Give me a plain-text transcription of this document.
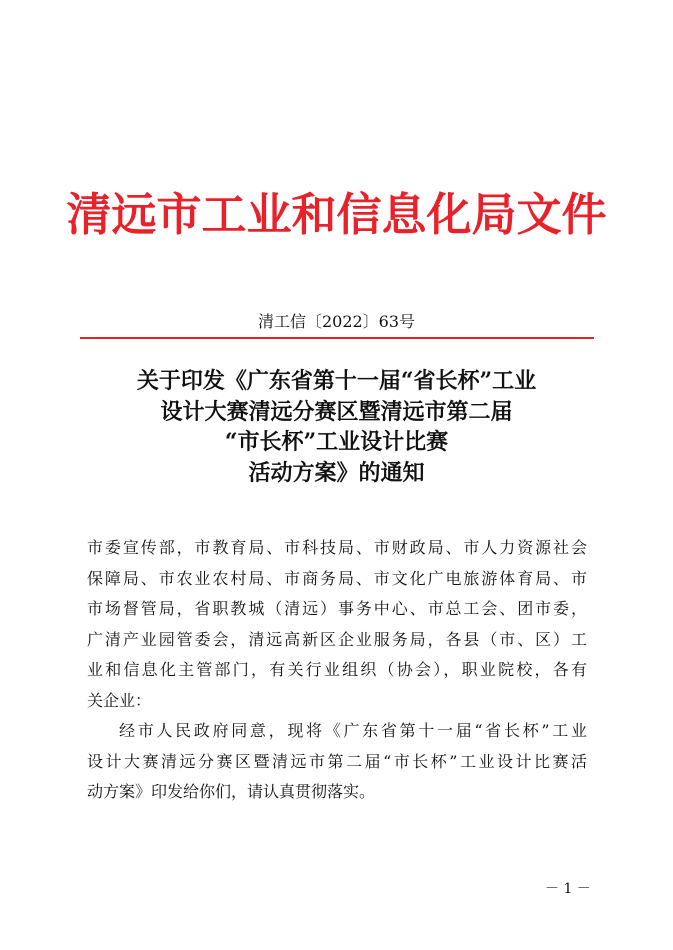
清远市工业和信息化局文件
清工信〔2022〕63号
关于印发《广东省第十一届“省长杯”工业
设计大赛清远分赛区暨清远市第二届
“市长杯”工业设计比赛
活动方案》的通知
市委宣传部，市教育局、市科技局、市财政局、市人力资源社会
保障局、市农业农村局、市商务局、市文化广电旅游体育局、市
市场督管局，省职教城（清远）事务中心、市总工会、团市委，
广清产业园管委会，清远高新区企业服务局，各县（市、区）工
业和信息化主管部门，有关行业组织（协会），职业院校，各有
关企业：
经市人民政府同意，现将《广东省第十一届“省长杯”工业
设计大赛清远分赛区暨清远市第二届“市长杯”工业设计比赛活
动方案》印发给你们，请认真贯彻落实。
－ 1 －
